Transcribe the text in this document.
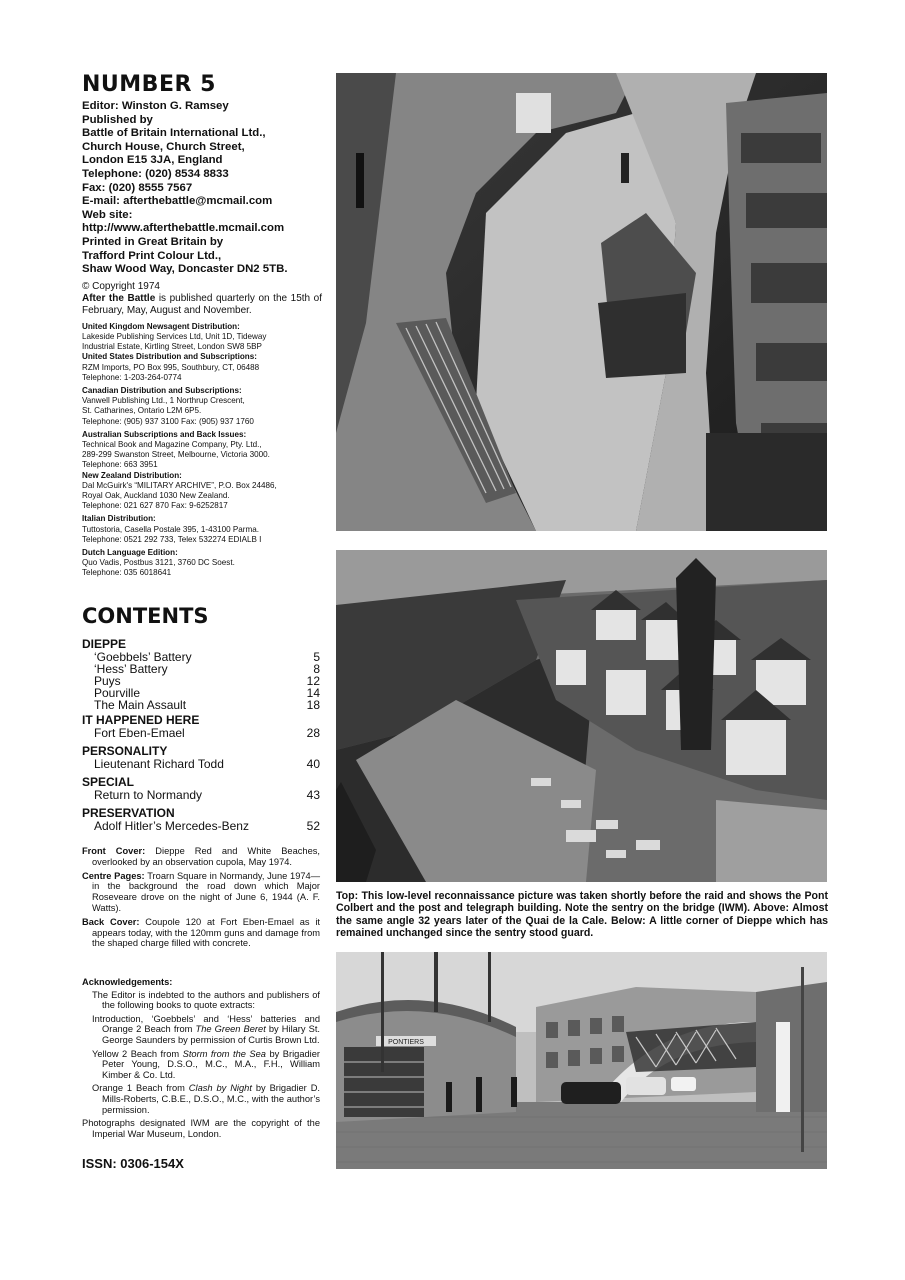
NUMBER 5
Editor: Winston G. Ramsey
Published by
Battle of Britain International Ltd.,
Church House, Church Street,
London E15 3JA, England
Telephone: (020) 8534 8833
Fax: (020) 8555 7567
E-mail: afterthebattle@mcmail.com
Web site:
http://www.afterthebattle.mcmail.com
Printed in Great Britain by
Trafford Print Colour Ltd.,
Shaw Wood Way, Doncaster DN2 5TB.
© Copyright 1974
After the Battle is published quarterly on the 15th of February, May, August and November.
United Kingdom Newsagent Distribution:
Lakeside Publishing Services Ltd, Unit 1D, Tideway
Industrial Estate, Kirtling Street, London SW8 5BP
United States Distribution and Subscriptions:
RZM Imports, PO Box 995, Southbury, CT, 06488
Telephone: 1-203-264-0774
Canadian Distribution and Subscriptions:
Vanwell Publishing Ltd., 1 Northrup Crescent,
St. Catharines, Ontario L2M 6P5.
Telephone: (905) 937 3100 Fax: (905) 937 1760
Australian Subscriptions and Back Issues:
Technical Book and Magazine Company, Pty. Ltd.,
289-299 Swanston Street, Melbourne, Victoria 3000.
Telephone: 663 3951
New Zealand Distribution:
Dal McGuirk's “MILITARY ARCHIVE”, P.O. Box 24486,
Royal Oak, Auckland 1030 New Zealand.
Telephone: 021 627 870 Fax: 9-6252817
Italian Distribution:
Tuttostoria, Casella Postale 395, 1-43100 Parma.
Telephone: 0521 292 733, Telex 532274 EDIALB I
Dutch Language Edition:
Quo Vadis, Postbus 3121, 3760 DC Soest.
Telephone: 035 6018641
CONTENTS
DIEPPE
‘Goebbels’ Battery	5
‘Hess’ Battery	8
Puys	12
Pourville	14
The Main Assault	18
IT HAPPENED HERE
Fort Eben-Emael	28
PERSONALITY
Lieutenant Richard Todd	40
SPECIAL
Return to Normandy	43
PRESERVATION
Adolf Hitler’s Mercedes-Benz	52

Front Cover: Dieppe Red and White Beaches, overlooked by an observation cupola, May 1974.

Centre Pages: Troarn Square in Normandy, June 1974—in the background the road down which Major Roseveare drove on the night of June 6, 1944 (A. F. Watts).

Back Cover: Coupole 120 at Fort Eben-Emael as it appears today, with the 120mm guns and damage from the shaped charge filled with concrete.

Acknowledgements:

The Editor is indebted to the authors and publishers of the following books to quote extracts:

Introduction, ‘Goebbels’ and ‘Hess’ batteries and Orange 2 Beach from The Green Beret by Hilary St. George Saunders by permission of Curtis Brown Ltd.

Yellow 2 Beach from Storm from the Sea by Brigadier Peter Young, D.S.O., M.C., M.A., F.H., William Kimber & Co. Ltd.

Orange 1 Beach from Clash by Night by Brigadier D. Mills-Roberts, C.B.E., D.S.O., M.C., with the author’s permission.

Photographs designated IWM are the copyright of the Imperial War Museum, London.

ISSN: 0306-154X
Top: This low-level reconnaissance picture was taken shortly before the raid and shows the Pont Colbert and the post and telegraph building. Note the sentry on the bridge (IWM). Above: Almost the same angle 32 years later of the Quai de la Cale. Below: A little corner of Dieppe which has remained unchanged since the sentry stood guard.
PONTIERS
